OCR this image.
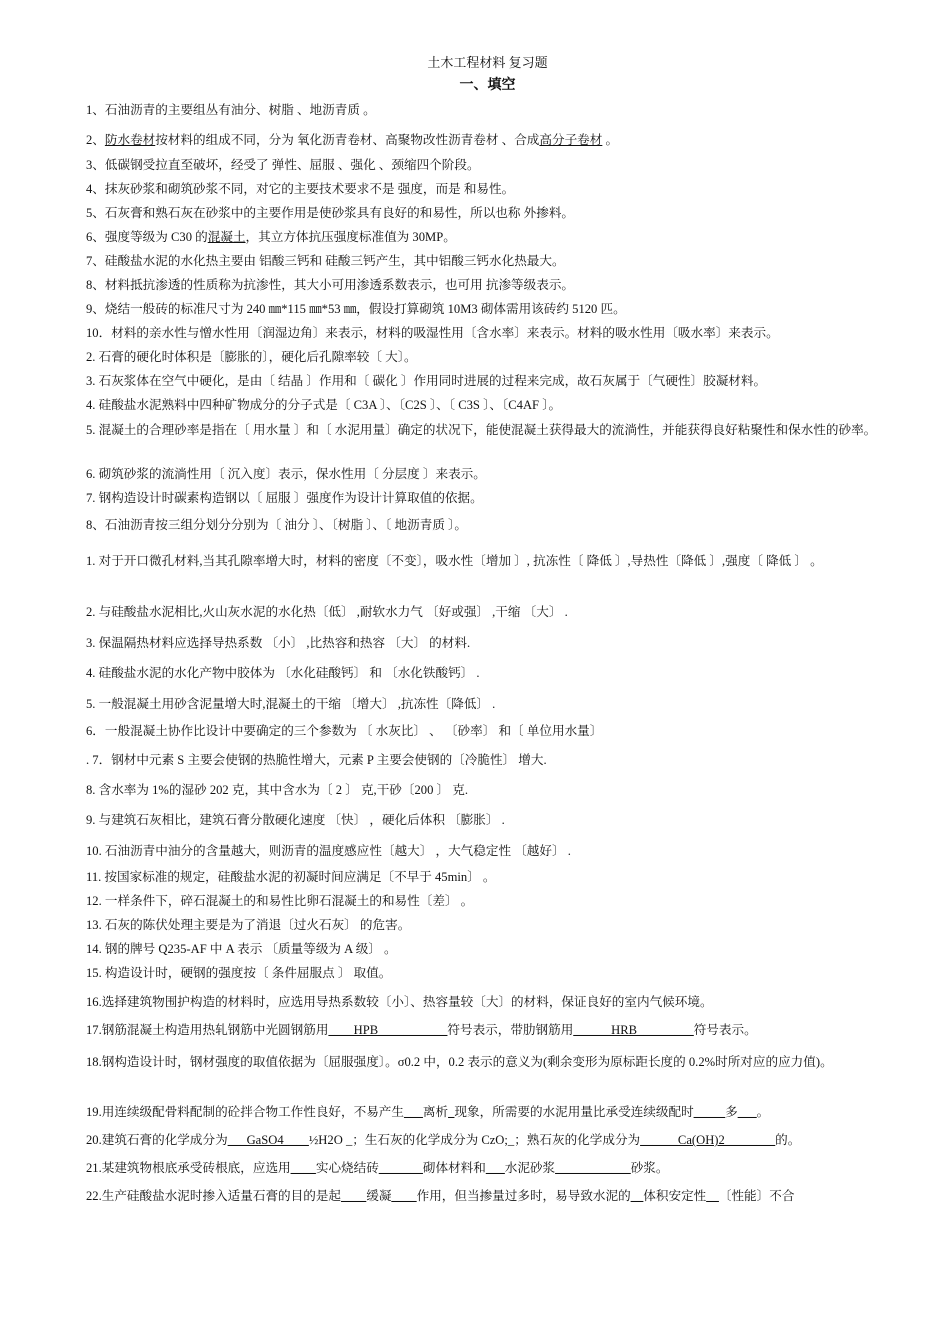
土木工程材料 复习题
一、填空
1、石油沥青的主要组丛有油分、树脂 、地沥青质 。
2、防水卷材按材料的组成不同，分为 氧化沥青卷材、高聚物改性沥青卷材 、合成高分子卷材 。
3、低碳钢受拉直至破坏，经受了 弹性、屈服 、强化 、颈缩四个阶段。
4、抹灰砂浆和砌筑砂浆不同，对它的主要技术要求不是 强度，而是 和易性。
5、石灰膏和熟石灰在砂浆中的主要作用是使砂浆具有良好的和易性，所以也称 外掺料。
6、强度等级为 C30 的混凝土，其立方体抗压强度标准值为 30MP。
7、硅酸盐水泥的水化热主要由 铝酸三钙和 硅酸三钙产生，其中铝酸三钙水化热最大。
8、材料抵抗渗透的性质称为抗渗性，其大小可用渗透系数表示，也可用 抗渗等级表示。
9、烧结一般砖的标准尺寸为 240 ㎜*115 ㎜*53 ㎜，假设打算砌筑 10M3 砌体需用该砖约 5120 匹。
10．材料的亲水性与憎水性用〔润湿边角〕来表示，材料的吸湿性用〔含水率〕来表示。材料的吸水性用〔吸水率〕来表示。
2. 石膏的硬化时体积是〔膨胀的〕，硬化后孔隙率较〔 大〕。
3. 石灰浆体在空气中硬化，是由〔 结晶 〕作用和〔 碳化 〕作用同时进展的过程来完成，故石灰属于〔气硬性〕胶凝材料。
4. 硅酸盐水泥熟料中四种矿物成分的分子式是〔 C3A 〕、〔C2S 〕、〔 C3S 〕、〔C4AF 〕。
5. 混凝土的合理砂率是指在〔 用水量 〕和〔 水泥用量〕确定的状况下，能使混凝土获得最大的流淌性，并能获得良好粘聚性和保水性的砂率。
6. 砌筑砂浆的流淌性用〔 沉入度〕表示，保水性用〔 分层度 〕来表示。
7. 钢构造设计时碳素构造钢以〔 屈服 〕强度作为设计计算取值的依据。
8、石油沥青按三组分划分分别为〔 油分 〕、〔树脂 〕、〔 地沥青质 〕。
1. 对于开口微孔材料,当其孔隙率增大时，材料的密度〔不变〕，吸水性〔增加 〕, 抗冻性〔 降低 〕,导热性〔降低 〕,强度〔 降低 〕 。
2. 与硅酸盐水泥相比,火山灰水泥的水化热〔低〕 ,耐软水力气 〔好或强〕 ,干缩 〔大〕 .
3. 保温隔热材料应选择导热系数 〔小〕 ,比热容和热容 〔大〕 的材料.
4. 硅酸盐水泥的水化产物中胶体为 〔水化硅酸钙〕 和 〔水化铁酸钙〕 .
5. 一般混凝土用砂含泥量增大时,混凝土的干缩 〔增大〕 ,抗冻性〔降低〕 .
6．一般混凝土协作比设计中要确定的三个参数为 〔 水灰比〕 、 〔砂率〕 和〔 单位用水量〕
. 7．钢材中元素 S 主要会使钢的热脆性增大，元素 P 主要会使钢的〔冷脆性〕 增大.
8. 含水率为 1%的湿砂 202 克，其中含水为〔 2 〕 克,干砂〔200 〕 克.
9. 与建筑石灰相比，建筑石膏分散硬化速度 〔快〕 ，硬化后体积 〔膨胀〕 .
10. 石油沥青中油分的含量越大，则沥青的温度感应性〔越大〕 ，大气稳定性 〔越好〕 .
11. 按国家标准的规定，硅酸盐水泥的初凝时间应满足〔不早于 45min〕 。
12. 一样条件下，碎石混凝土的和易性比卵石混凝土的和易性〔差〕 。
13. 石灰的陈伏处理主要是为了消退〔过火石灰〕 的危害。
14. 钢的牌号 Q235-AF 中 A 表示 〔质量等级为 A 级〕 。
15. 构造设计时，硬钢的强度按〔 条件屈服点 〕 取值。
16.选择建筑物围护构造的材料时，应选用导热系数较〔小〕、热容量较〔大〕的材料，保证良好的室内气候环境。
17.钢筋混凝土构造用热轧钢筋中光圆钢筋用____HPB___________符号表示，带肋钢筋用______HRB_________符号表示。
18.钢构造设计时，钢材强度的取值依据为〔屈服强度〕。σ0.2 中，0.2 表示的意义为(剩余变形为原标距长度的 0.2%时所对应的应力值)。
19.用连续级配骨料配制的砼拌合物工作性良好，不易产生___离析_现象，所需要的水泥用量比承受连续级配时_____多___。
20.建筑石膏的化学成分为___GaSO4____½H2O _；生石灰的化学成分为 CzO;_；熟石灰的化学成分为______Ca(OH)2________的。
21.某建筑物根底承受砖根底，应选用____实心烧结砖_______砌体材料和___水泥砂浆____________砂浆。
22.生产硅酸盐水泥时掺入适量石膏的目的是起____缓凝____作用，但当掺量过多时，易导致水泥的__体积安定性__〔性能〕不合
